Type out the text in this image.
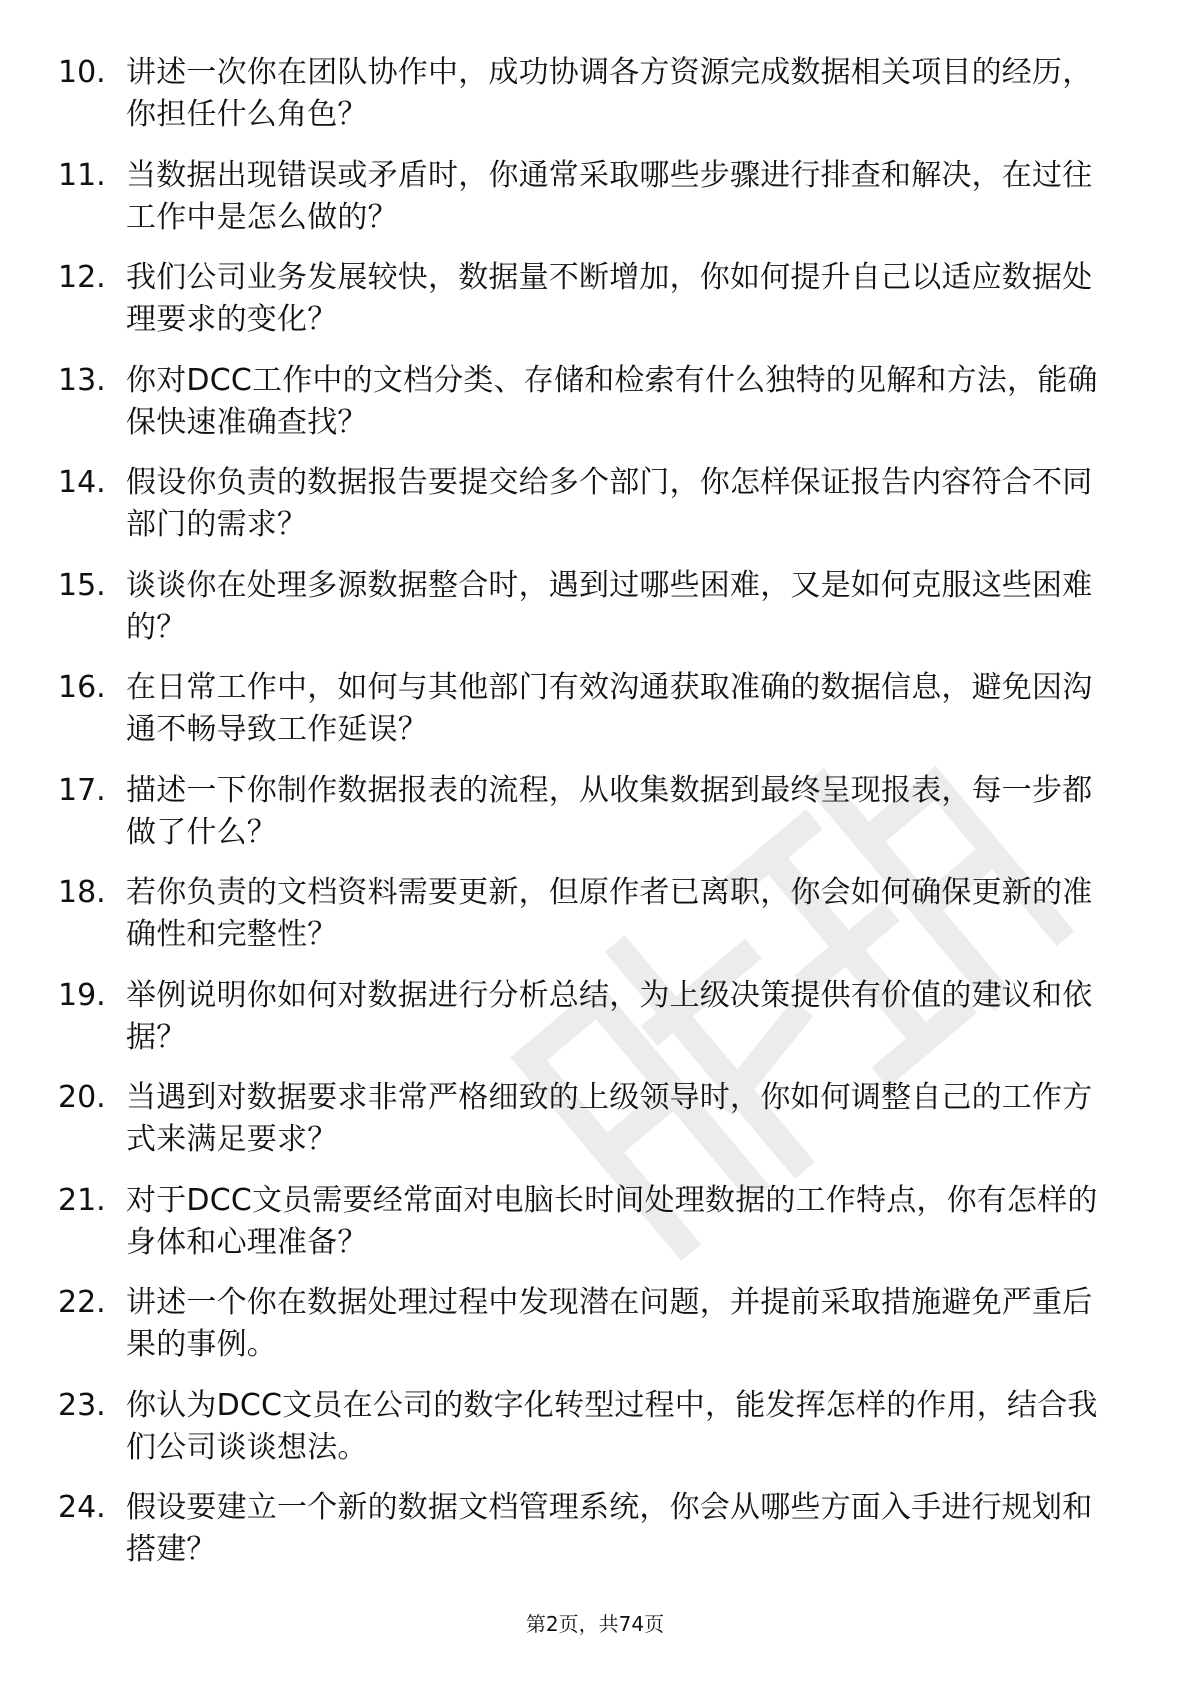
10. 讲述一次你在团队协作中，成功协调各方资源完成数据相关项目的经历，你担任什么角色？
11. 当数据出现错误或矛盾时，你通常采取哪些步骤进行排查和解决，在过往工作中是怎么做的？
12. 我们公司业务发展较快，数据量不断增加，你如何提升自己以适应数据处理要求的变化？
13. 你对DCC工作中的文档分类、存储和检索有什么独特的见解和方法，能确保快速准确查找？
14. 假设你负责的数据报告要提交给多个部门，你怎样保证报告内容符合不同部门的需求？
15. 谈谈你在处理多源数据整合时，遇到过哪些困难，又是如何克服这些困难的？
16. 在日常工作中，如何与其他部门有效沟通获取准确的数据信息，避免因沟通不畅导致工作延误？
17. 描述一下你制作数据报表的流程，从收集数据到最终呈现报表，每一步都做了什么？
18. 若你负责的文档资料需要更新，但原作者已离职，你会如何确保更新的准确性和完整性？
19. 举例说明你如何对数据进行分析总结，为上级决策提供有价值的建议和依据？
20. 当遇到对数据要求非常严格细致的上级领导时，你如何调整自己的工作方式来满足要求？
21. 对于DCC文员需要经常面对电脑长时间处理数据的工作特点，你有怎样的身体和心理准备？
22. 讲述一个你在数据处理过程中发现潜在问题，并提前采取措施避免严重后果的事例。
23. 你认为DCC文员在公司的数字化转型过程中，能发挥怎样的作用，结合我们公司谈谈想法。
24. 假设要建立一个新的数据文档管理系统，你会从哪些方面入手进行规划和搭建？
第2页，共74页
